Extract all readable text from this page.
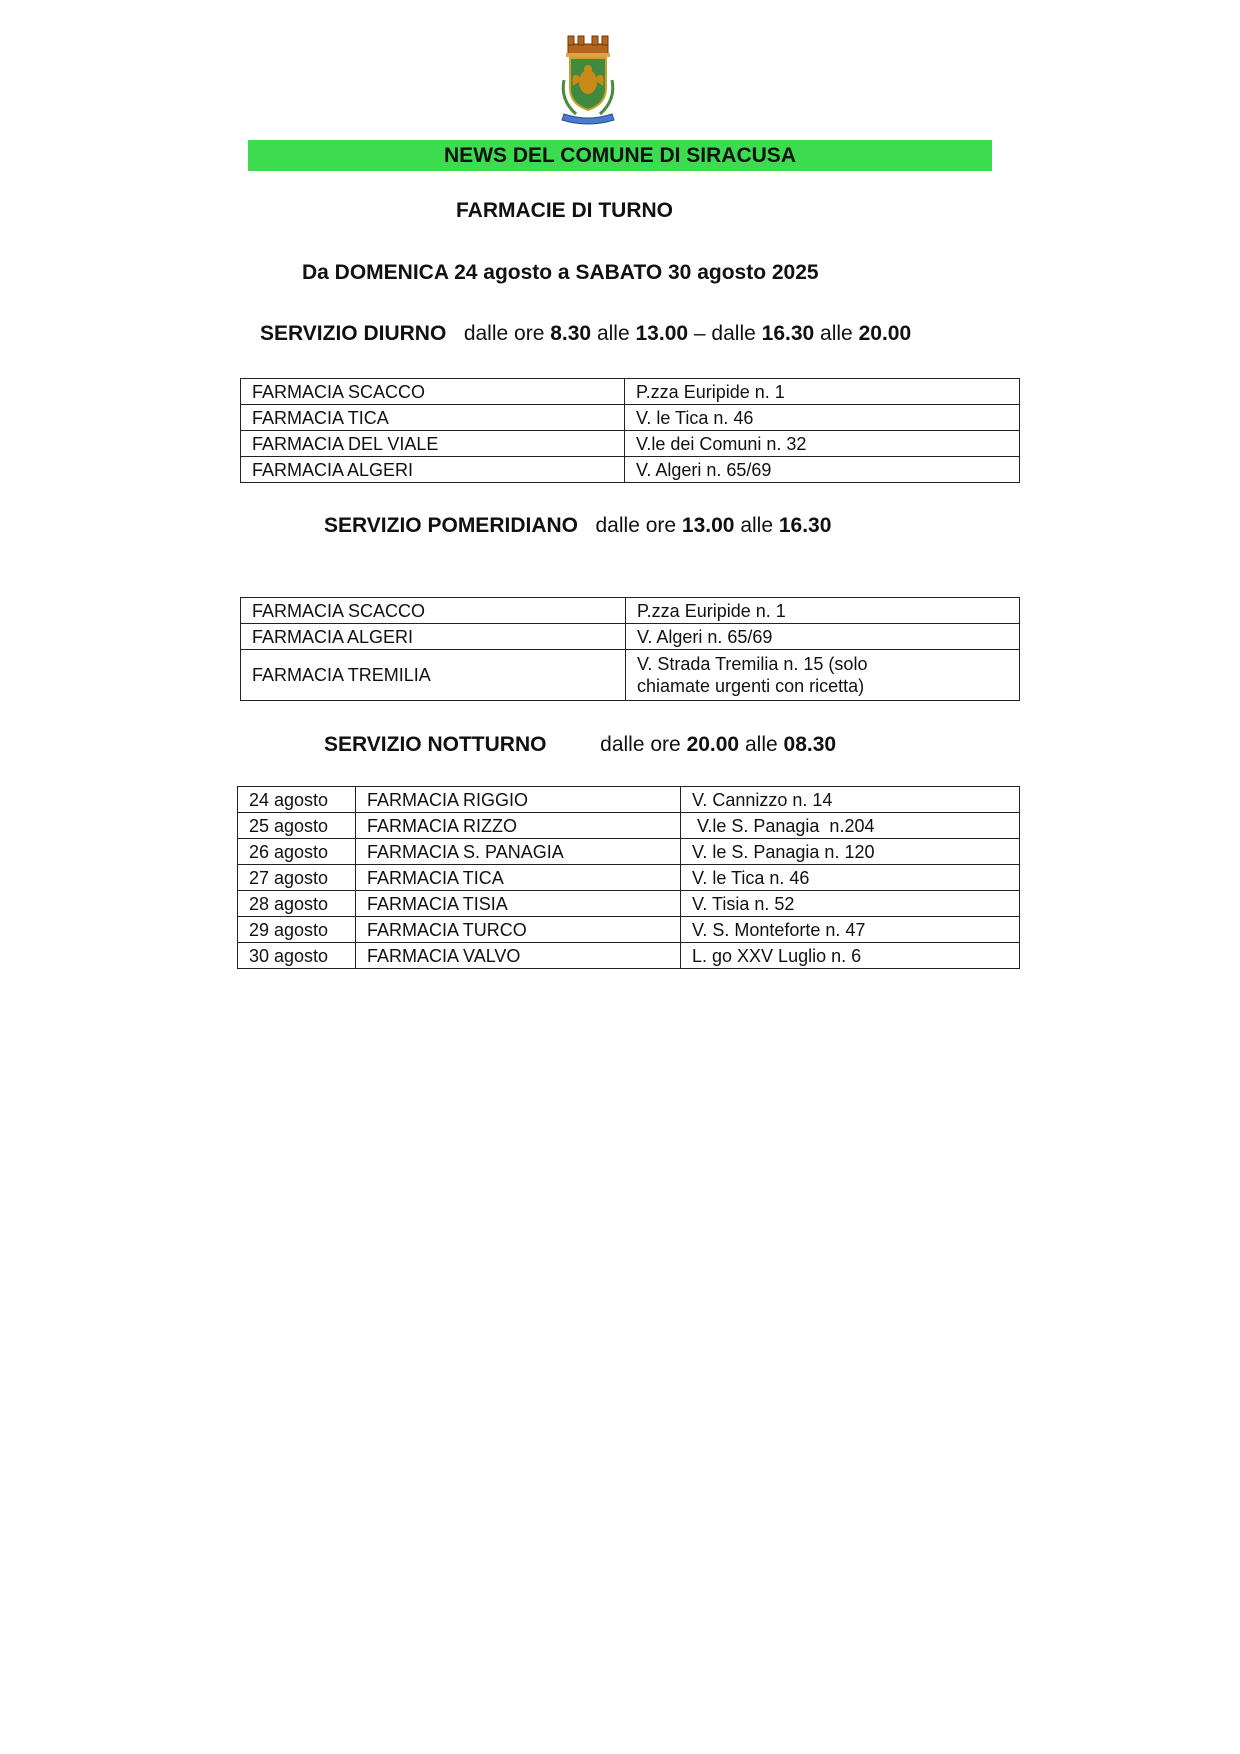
NEWS DEL COMUNE DI SIRACUSA
FARMACIE DI TURNO
Da DOMENICA 24 agosto a SABATO 30 agosto 2025
SERVIZIO DIURNO dalle ore 8.30 alle 13.00 – dalle 16.30 alle 20.00
FARMACIA SCACCO	P.zza Euripide n. 1
FARMACIA TICA	V. le Tica n. 46
FARMACIA DEL VIALE	V.le dei Comuni n. 32
FARMACIA ALGERI	V. Algeri n. 65/69
SERVIZIO POMERIDIANO dalle ore 13.00 alle 16.30
FARMACIA SCACCO	P.zza Euripide n. 1
FARMACIA ALGERI	V. Algeri n. 65/69
FARMACIA TREMILIA	V. Strada Tremilia n. 15 (solo
chiamate urgenti con ricetta)
SERVIZIO NOTTURNO	dalle ore 20.00 alle 08.30
24 agosto	FARMACIA RIGGIO	V. Cannizzo n. 14
25 agosto	FARMACIA RIZZO	V.le S. Panagia  n.204
26 agosto	FARMACIA S. PANAGIA	V. le S. Panagia n. 120
27 agosto	FARMACIA TICA	V. le Tica n. 46
28 agosto	FARMACIA TISIA	V. Tisia n. 52
29 agosto	FARMACIA TURCO	V. S. Monteforte n. 47
30 agosto	FARMACIA VALVO	L. go XXV Luglio n. 6
